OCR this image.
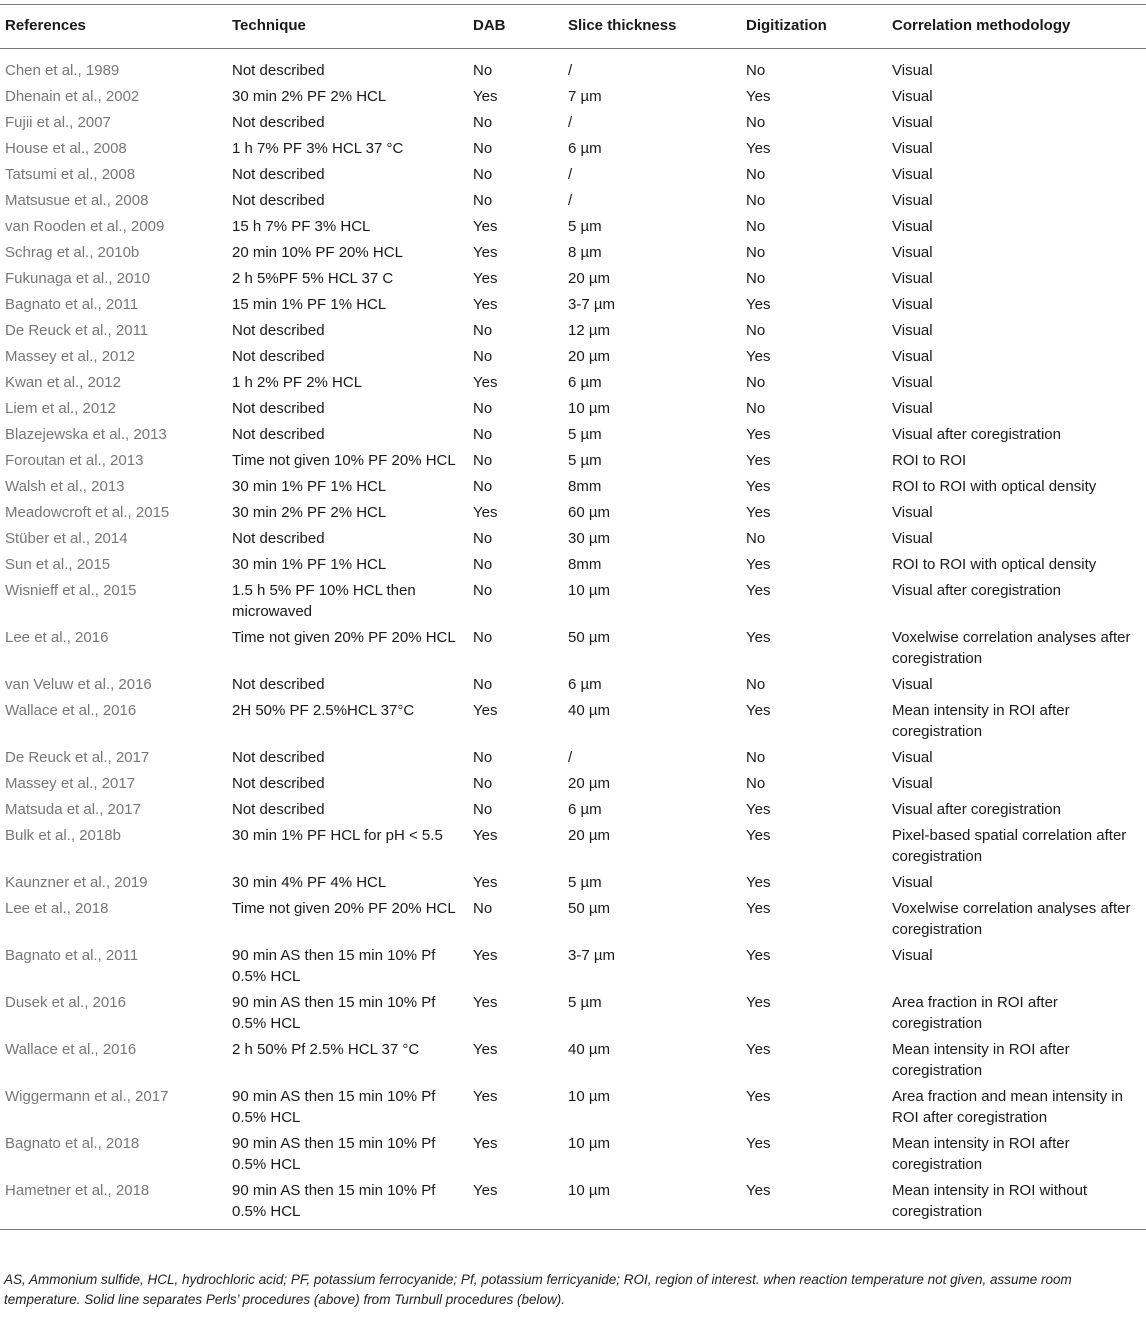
References	Technique	DAB	Slice thickness	Digitization	Correlation methodology
Chen et al., 1989	Not described	No	/	No	Visual
Dhenain et al., 2002	30 min 2% PF 2% HCL	Yes	7 µm	Yes	Visual
Fujii et al., 2007	Not described	No	/	No	Visual
House et al., 2008	1 h 7% PF 3% HCL 37 °C	No	6 µm	Yes	Visual
Tatsumi et al., 2008	Not described	No	/	No	Visual
Matsusue et al., 2008	Not described	No	/	No	Visual
van Rooden et al., 2009	15 h 7% PF 3% HCL	Yes	5 µm	No	Visual
Schrag et al., 2010b	20 min 10% PF 20% HCL	Yes	8 µm	No	Visual
Fukunaga et al., 2010	2 h 5%PF 5% HCL 37 C	Yes	20 µm	No	Visual
Bagnato et al., 2011	15 min 1% PF 1% HCL	Yes	3-7 µm	Yes	Visual
De Reuck et al., 2011	Not described	No	12 µm	No	Visual
Massey et al., 2012	Not described	No	20 µm	Yes	Visual
Kwan et al., 2012	1 h 2% PF 2% HCL	Yes	6 µm	No	Visual
Liem et al., 2012	Not described	No	10 µm	No	Visual
Blazejewska et al., 2013	Not described	No	5 µm	Yes	Visual after coregistration
Foroutan et al., 2013	Time not given 10% PF 20% HCL	No	5 µm	Yes	ROI to ROI
Walsh et al., 2013	30 min 1% PF 1% HCL	No	8mm	Yes	ROI to ROI with optical density
Meadowcroft et al., 2015	30 min 2% PF 2% HCL	Yes	60 µm	Yes	Visual
Stüber et al., 2014	Not described	No	30 µm	No	Visual
Sun et al., 2015	30 min 1% PF 1% HCL	No	8mm	Yes	ROI to ROI with optical density
Wisnieff et al., 2015	1.5 h 5% PF 10% HCL then microwaved	No	10 µm	Yes	Visual after coregistration
Lee et al., 2016	Time not given 20% PF 20% HCL	No	50 µm	Yes	Voxelwise correlation analyses after coregistration
van Veluw et al., 2016	Not described	No	6 µm	No	Visual
Wallace et al., 2016	2H 50% PF 2.5%HCL 37°C	Yes	40 µm	Yes	Mean intensity in ROI after coregistration
De Reuck et al., 2017	Not described	No	/	No	Visual
Massey et al., 2017	Not described	No	20 µm	No	Visual
Matsuda et al., 2017	Not described	No	6 µm	Yes	Visual after coregistration
Bulk et al., 2018b	30 min 1% PF HCL for pH < 5.5	Yes	20 µm	Yes	Pixel-based spatial correlation after coregistration
Kaunzner et al., 2019	30 min 4% PF 4% HCL	Yes	5 µm	Yes	Visual
Lee et al., 2018	Time not given 20% PF 20% HCL	No	50 µm	Yes	Voxelwise correlation analyses after coregistration
Bagnato et al., 2011	90 min AS then 15 min 10% Pf 0.5% HCL	Yes	3-7 µm	Yes	Visual
Dusek et al., 2016	90 min AS then 15 min 10% Pf 0.5% HCL	Yes	5 µm	Yes	Area fraction in ROI after coregistration
Wallace et al., 2016	2 h 50% Pf 2.5% HCL 37 °C	Yes	40 µm	Yes	Mean intensity in ROI after coregistration
Wiggermann et al., 2017	90 min AS then 15 min 10% Pf 0.5% HCL	Yes	10 µm	Yes	Area fraction and mean intensity in ROI after coregistration
Bagnato et al., 2018	90 min AS then 15 min 10% Pf 0.5% HCL	Yes	10 µm	Yes	Mean intensity in ROI after coregistration
Hametner et al., 2018	90 min AS then 15 min 10% Pf 0.5% HCL	Yes	10 µm	Yes	Mean intensity in ROI without coregistration
AS, Ammonium sulfide, HCL, hydrochloric acid; PF, potassium ferrocyanide; Pf, potassium ferricyanide; ROI, region of interest. when reaction temperature not given, assume room temperature. Solid line separates Perls’ procedures (above) from Turnbull procedures (below).
